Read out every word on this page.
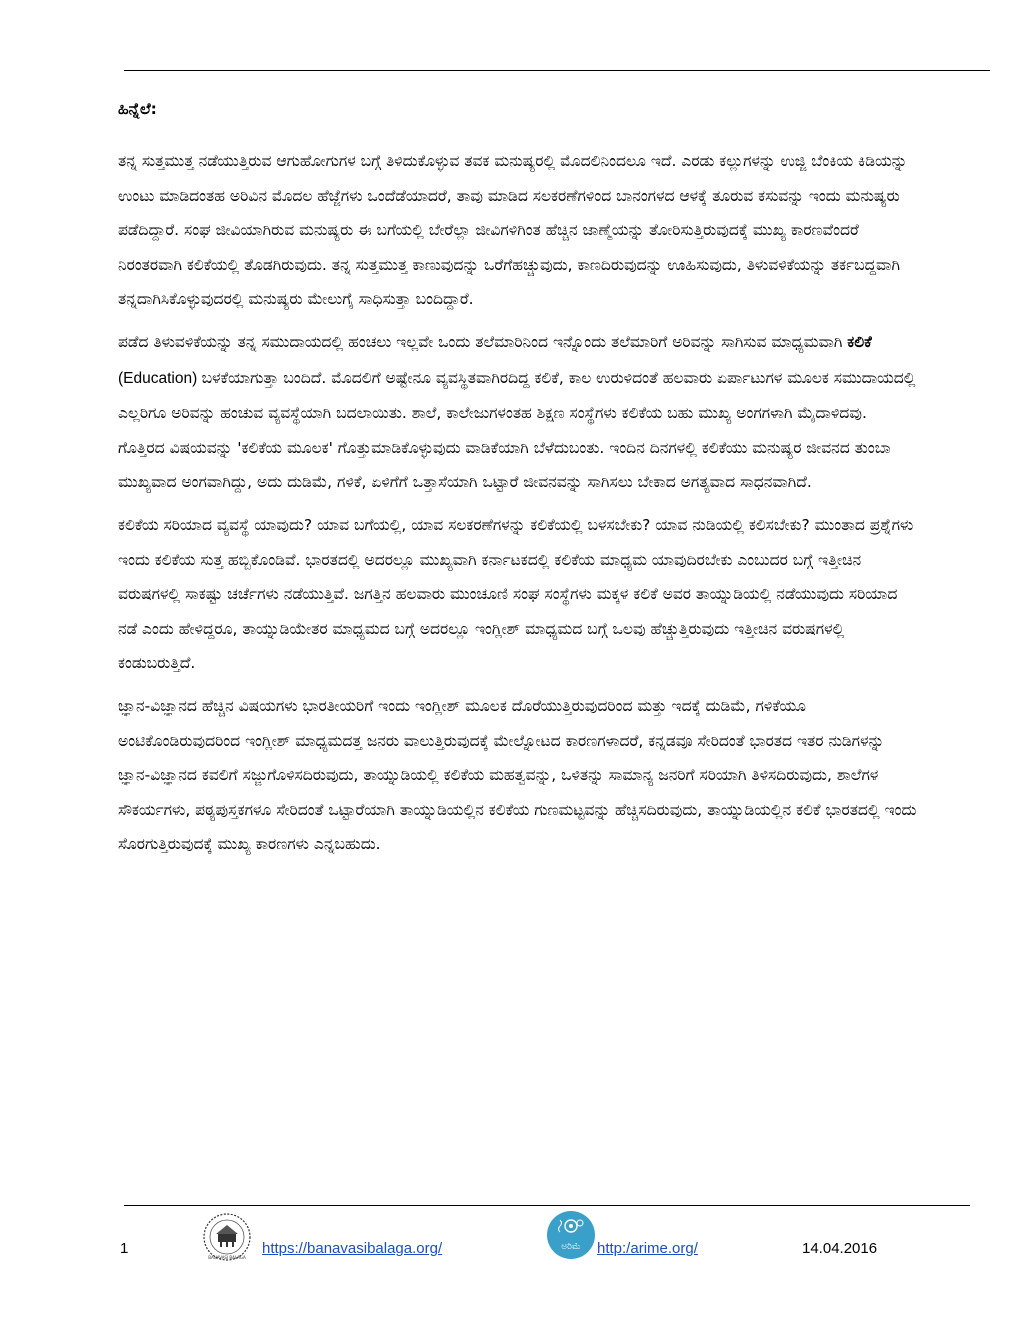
ಹಿನ್ನೆಲೆ:

ತನ್ನ ಸುತ್ತಮುತ್ತ ನಡೆಯುತ್ತಿರುವ ಆಗುಹೋಗುಗಳ ಬಗ್ಗೆ ತಿಳಿದುಕೊಳ್ಳುವ ತವಕ ಮನುಷ್ಯರಲ್ಲಿ ಮೊದಲಿನಿಂದಲೂ ಇದೆ. ಎರಡು ಕಲ್ಲುಗಳನ್ನು ಉಜ್ಜಿ ಬೆಂಕಿಯ ಕಿಡಿಯನ್ನು ಉಂಟು ಮಾಡಿದಂತಹ ಅರಿವಿನ ಮೊದಲ ಹೆಜ್ಜೆಗಳು ಒಂದೆಡೆಯಾದರೆ, ತಾವು ಮಾಡಿದ ಸಲಕರಣೆಗಳಿಂದ ಬಾನಂಗಳದ ಆಳಕ್ಕೆ ತೂರುವ ಕಸುವನ್ನು ಇಂದು ಮನುಷ್ಯರು ಪಡೆದಿದ್ದಾರೆ. ಸಂಘ ಜೀವಿಯಾಗಿರುವ ಮನುಷ್ಯರು ಈ ಬಗೆಯಲ್ಲಿ ಬೇರೆಲ್ಲಾ ಜೀವಿಗಳಿಗಿಂತ ಹೆಚ್ಚಿನ ಜಾಣ್ಮೆಯನ್ನು ತೋರಿಸುತ್ತಿರುವುದಕ್ಕೆ ಮುಖ್ಯ ಕಾರಣವೆಂದರೆ ನಿರಂತರವಾಗಿ ಕಲಿಕೆಯಲ್ಲಿ ತೊಡಗಿರುವುದು. ತನ್ನ ಸುತ್ತಮುತ್ತ ಕಾಣುವುದನ್ನು ಒರೆಗೆಹಚ್ಚುವುದು, ಕಾಣದಿರುವುದನ್ನು ಊಹಿಸುವುದು, ತಿಳುವಳಿಕೆಯನ್ನು ತರ್ಕಬದ್ದವಾಗಿ ತನ್ನದಾಗಿಸಿಕೊಳ್ಳುವುದರಲ್ಲಿ ಮನುಷ್ಯರು ಮೇಲುಗೈ ಸಾಧಿಸುತ್ತಾ ಬಂದಿದ್ದಾರೆ.

ಪಡೆದ ತಿಳುವಳಿಕೆಯನ್ನು ತನ್ನ ಸಮುದಾಯದಲ್ಲಿ ಹಂಚಲು ಇಲ್ಲವೇ ಒಂದು ತಲೆಮಾರಿನಿಂದ ಇನ್ನೊಂದು ತಲೆಮಾರಿಗೆ ಅರಿವನ್ನು ಸಾಗಿಸುವ ಮಾಧ್ಯಮವಾಗಿ ಕಲಿಕೆ (Education) ಬಳಕೆಯಾಗುತ್ತಾ ಬಂದಿದೆ. ಮೊದಲಿಗೆ ಅಷ್ಟೇನೂ ವ್ಯವಸ್ಥಿತವಾಗಿರದಿದ್ದ ಕಲಿಕೆ, ಕಾಲ ಉರುಳಿದಂತೆ ಹಲವಾರು ಏರ್ಪಾಟುಗಳ ಮೂಲಕ ಸಮುದಾಯದಲ್ಲಿ ಎಲ್ಲರಿಗೂ ಅರಿವನ್ನು ಹಂಚುವ ವ್ಯವಸ್ಥೆಯಾಗಿ ಬದಲಾಯಿತು. ಶಾಲೆ, ಕಾಲೇಜುಗಳಂತಹ ಶಿಕ್ಷಣ ಸಂಸ್ಥೆಗಳು ಕಲಿಕೆಯ ಬಹು ಮುಖ್ಯ ಅಂಗಗಳಾಗಿ ಮೈದಾಳಿದವು. ಗೊತ್ತಿರದ ವಿಷಯವನ್ನು 'ಕಲಿಕೆಯ ಮೂಲಕ' ಗೊತ್ತುಮಾಡಿಕೊಳ್ಳುವುದು ವಾಡಿಕೆಯಾಗಿ ಬೆಳೆದುಬಂತು. ಇಂದಿನ ದಿನಗಳಲ್ಲಿ ಕಲಿಕೆಯು ಮನುಷ್ಯರ ಜೀವನದ ತುಂಬಾ ಮುಖ್ಯವಾದ ಅಂಗವಾಗಿದ್ದು, ಅದು ದುಡಿಮೆ, ಗಳಿಕೆ, ಏಳಿಗೆಗೆ ಒತ್ತಾಸೆಯಾಗಿ ಒಟ್ಟಾರೆ ಜೀವನವನ್ನು ಸಾಗಿಸಲು ಬೇಕಾದ ಅಗತ್ಯವಾದ ಸಾಧನವಾಗಿದೆ.

ಕಲಿಕೆಯ ಸರಿಯಾದ ವ್ಯವಸ್ಥೆ ಯಾವುದು? ಯಾವ ಬಗೆಯಲ್ಲಿ, ಯಾವ ಸಲಕರಣೆಗಳನ್ನು ಕಲಿಕೆಯಲ್ಲಿ ಬಳಸಬೇಕು? ಯಾವ ನುಡಿಯಲ್ಲಿ ಕಲಿಸಬೇಕು? ಮುಂತಾದ ಪ್ರಶ್ನೆಗಳು ಇಂದು ಕಲಿಕೆಯ ಸುತ್ತ ಹಬ್ಬಿಕೊಂಡಿವೆ. ಭಾರತದಲ್ಲಿ ಅದರಲ್ಲೂ ಮುಖ್ಯವಾಗಿ ಕರ್ನಾಟಕದಲ್ಲಿ ಕಲಿಕೆಯ ಮಾಧ್ಯಮ ಯಾವುದಿರಬೇಕು ಎಂಬುದರ ಬಗ್ಗೆ ಇತ್ತೀಚಿನ ವರುಷಗಳಲ್ಲಿ ಸಾಕಷ್ಟು ಚರ್ಚೆಗಳು ನಡೆಯುತ್ತಿವೆ. ಜಗತ್ತಿನ ಹಲವಾರು ಮುಂಚೂಣಿ ಸಂಘ ಸಂಸ್ಥೆಗಳು ಮಕ್ಕಳ ಕಲಿಕೆ ಅವರ ತಾಯ್ನುಡಿಯಲ್ಲಿ ನಡೆಯುವುದು ಸರಿಯಾದ ನಡೆ ಎಂದು ಹೇಳಿದ್ದರೂ, ತಾಯ್ನುಡಿಯೇತರ ಮಾಧ್ಯಮದ ಬಗ್ಗೆ ಅದರಲ್ಲೂ ಇಂಗ್ಲೀಶ್ ಮಾಧ್ಯಮದ ಬಗ್ಗೆ ಒಲವು ಹೆಚ್ಚುತ್ತಿರುವುದು ಇತ್ತೀಚಿನ ವರುಷಗಳಲ್ಲಿ ಕಂಡುಬರುತ್ತಿದೆ.

ಜ್ಞಾನ-ವಿಜ್ಞಾನದ ಹೆಚ್ಚಿನ ವಿಷಯಗಳು ಭಾರತೀಯರಿಗೆ ಇಂದು ಇಂಗ್ಲೀಶ್ ಮೂಲಕ ದೊರೆಯುತ್ತಿರುವುದರಿಂದ ಮತ್ತು ಇದಕ್ಕೆ ದುಡಿಮೆ, ಗಳಿಕೆಯೂ ಅಂಟಿಕೊಂಡಿರುವುದರಿಂದ ಇಂಗ್ಲೀಶ್ ಮಾಧ್ಯಮದತ್ತ ಜನರು ವಾಲುತ್ತಿರುವುದಕ್ಕೆ ಮೇಲ್ನೋಟದ ಕಾರಣಗಳಾದರೆ, ಕನ್ನಡವೂ ಸೇರಿದಂತೆ ಭಾರತದ ಇತರ ನುಡಿಗಳನ್ನು ಜ್ಞಾನ-ವಿಜ್ಞಾನದ ಕವಲಿಗೆ ಸಜ್ಜುಗೊಳಿಸದಿರುವುದು, ತಾಯ್ನುಡಿಯಲ್ಲಿ ಕಲಿಕೆಯ ಮಹತ್ವವನ್ನು, ಒಳಿತನ್ನು ಸಾಮಾನ್ಯ ಜನರಿಗೆ ಸರಿಯಾಗಿ ತಿಳಿಸದಿರುವುದು, ಶಾಲೆಗಳ ಸೌಕರ್ಯಗಳು, ಪಠ್ಯಪುಸ್ತಕಗಳೂ ಸೇರಿದಂತೆ ಒಟ್ಟಾರೆಯಾಗಿ ತಾಯ್ನುಡಿಯಲ್ಲಿನ ಕಲಿಕೆಯ ಗುಣಮಟ್ಟವನ್ನು ಹೆಚ್ಚಿಸದಿರುವುದು, ತಾಯ್ನುಡಿಯಲ್ಲಿನ ಕಲಿಕೆ ಭಾರತದಲ್ಲಿ ಇಂದು ಸೊರಗುತ್ತಿರುವುದಕ್ಕೆ ಮುಖ್ಯ ಕಾರಣಗಳು ಎನ್ನಬಹುದು.

1
BANAVASI BALAGA
https://banavasibalaga.org/	ಅರಿಮೆ http:/arime.org/	14.04.2016
